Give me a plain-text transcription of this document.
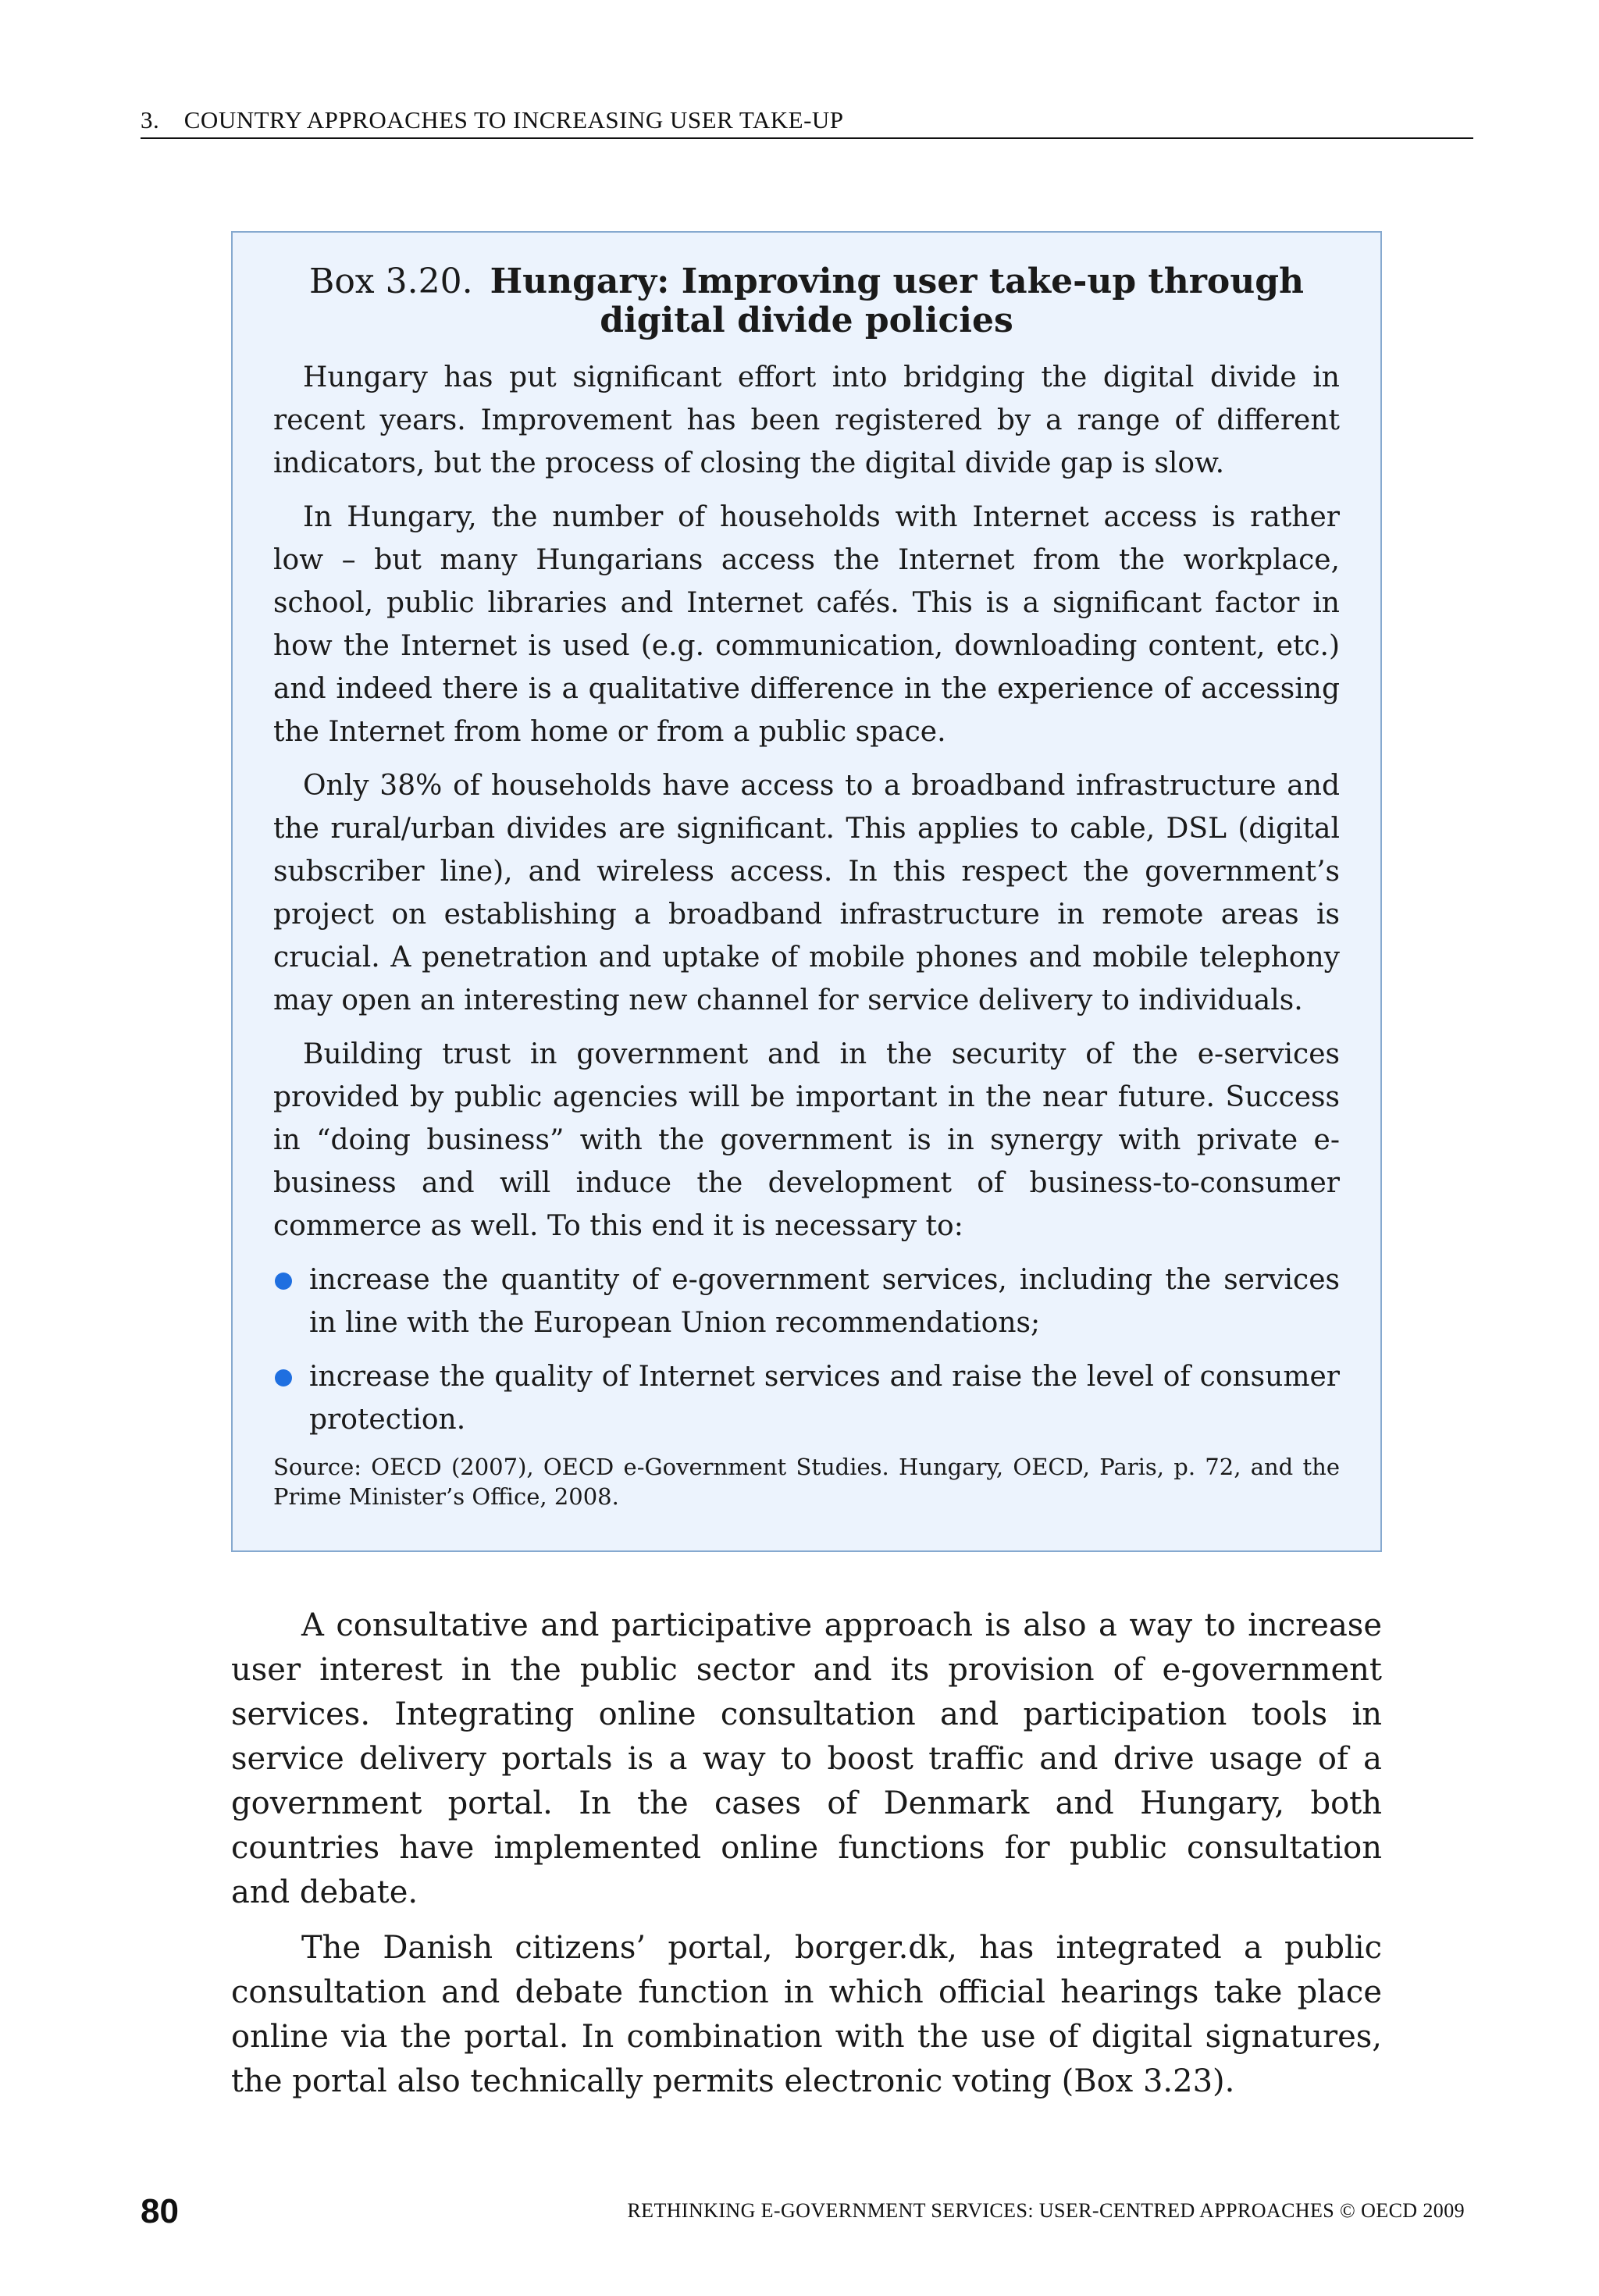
3. COUNTRY APPROACHES TO INCREASING USER TAKE-UP
Box 3.20. Hungary: Improving user take-up through digital divide policies

Hungary has put significant effort into bridging the digital divide in recent years. Improvement has been registered by a range of different indicators, but the process of closing the digital divide gap is slow.

In Hungary, the number of households with Internet access is rather low – but many Hungarians access the Internet from the workplace, school, public libraries and Internet cafés. This is a significant factor in how the Internet is used (e.g. communication, downloading content, etc.) and indeed there is a qualitative difference in the experience of accessing the Internet from home or from a public space.

Only 38% of households have access to a broadband infrastructure and the rural/urban divides are significant. This applies to cable, DSL (digital subscriber line), and wireless access. In this respect the government’s project on establishing a broadband infrastructure in remote areas is crucial. A penetration and uptake of mobile phones and mobile telephony may open an interesting new channel for service delivery to individuals.

Building trust in government and in the security of the e-services provided by public agencies will be important in the near future. Success in “doing business” with the government is in synergy with private e-business and will induce the development of business-to-consumer commerce as well. To this end it is necessary to:

increase the quantity of e-government services, including the services in line with the European Union recommendations;
increase the quality of Internet services and raise the level of consumer protection.
Source: OECD (2007), OECD e-Government Studies. Hungary, OECD, Paris, p. 72, and the Prime Minister’s Office, 2008.

A consultative and participative approach is also a way to increase user interest in the public sector and its provision of e-government services. Integrating online consultation and participation tools in service delivery portals is a way to boost traffic and drive usage of a government portal. In the cases of Denmark and Hungary, both countries have implemented online functions for public consultation and debate.

The Danish citizens’ portal, borger.dk, has integrated a public consultation and debate function in which official hearings take place online via the portal. In combination with the use of digital signatures, the portal also technically permits electronic voting (Box 3.23).

80	RETHINKING E-GOVERNMENT SERVICES: USER-CENTRED APPROACHES © OECD 2009
